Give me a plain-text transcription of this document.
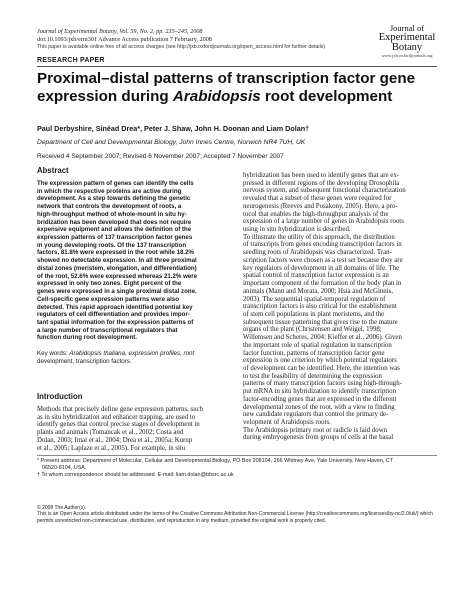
Journal of Experimental Botany, Vol. 59, No. 2, pp. 235–245, 2008
doi:10.1093/jxb/erm301 Advance Access publication 7 February, 2008
This paper is available online free of all access charges (see http://jxb.oxfordjournals.org/open_access.html for further details)
Journal of
Experimental
Botany
www.jxb.oxfordjournals.org
RESEARCH PAPER
Proximal–distal patterns of transcription factor gene expression during Arabidopsis root development
Paul Derbyshire, Sinéad Drea*, Peter J. Shaw, John H. Doonan and Liam Dolan†
Department of Cell and Developmental Biology, John Innes Centre, Norwich NR4 7UH, UK
Received 4 September 2007; Revised 6 November 2007; Accepted 7 November 2007
Abstract
The expression pattern of genes can identify the cells
in which the respective proteins are active during
development. As a step towards defining the genetic
network that controls the development of roots, a
high-throughput method of whole-mount in situ hy-
bridization has been developed that does not require
expensive equipment and allows the definition of the
expression patterns of 137 transcription factor genes
in young developing roots. Of the 137 transcription
factors, 81.8% were expressed in the root while 18.2%
showed no detectable expression. In all three proximal
distal zones (meristem, elongation, and differentiation)
of the root, 52.6% were expressed whereas 21.2% were
expressed in only two zones. Eight percent of the
genes were expressed in a single proximal distal zone.
Cell-specific gene expression patterns were also
detected. This rapid approach identified potential key
regulators of cell differentiation and provides impor-
tant spatial information for the expression patterns of
a large number of transcriptional regulators that
function during root development.
Key words: Arabidopsis thaliana, expression profiles, root
development, transcription factors.
Introduction
Methods that precisely define gene expression patterns, such
as in situ hybridization and enhancer trapping, are used to
identify genes that control precise stages of development in
plants and animals (Tomancak et al., 2002; Costa and
Dolan, 2003; Imai et al., 2004; Drea et al., 2005a; Kurup
et al., 2005; Laplaze et al., 2005). For example, in situ
hybridization has been used to identify genes that are ex-
pressed in different regions of the developing Drosophila
nervous system, and subsequent functional characterization
revealed that a subset of these genes were required for
neurogenesis (Reeves and Posakony, 2005). Here, a pro-
tocol that enables the high-throughput analysis of the
expression of a large number of genes in Arabidopsis roots
using in situ hybridization is described.
To illustrate the utility of this approach, the distribution
of transcripts from genes encoding transcription factors in
seedling roots of Arabidopsis was characterized. Tran-
scription factors were chosen as a test set because they are
key regulators of development in all domains of life. The
spatial control of transcription factor expression is an
important component of the formation of the body plan in
animals (Mann and Morata, 2000; Hsia and McGinnis,
2003). The sequential spatial-temporal regulation of
transcription factors is also critical for the establishment
of stem cell populations in plant meristems, and the
subsequent tissue patterning that gives rise to the mature
organs of the plant (Christensen and Weigel, 1998;
Willemsen and Scheres, 2004; Kieffer et al., 2006). Given
the important role of spatial regulation in transcription
factor function, patterns of transcription factor gene
expression is one criterion by which potential regulators
of development can be identified. Here, the intention was
to test the feasibility of determining the expression
patterns of many transcription factors using high-through-
put mRNA in situ hybridization to identify transcription
factor-encoding genes that are expressed in the different
developmental zones of the root, with a view to finding
new candidate regulators that control the primary de-
velopment of Arabidopsis roots.
The Arabidopsis primary root or radicle is laid down
during embryogenesis from groups of cells at the basal
* Present address: Department of Molecular, Cellular and Developmental Biology, PO Box 208104, 266 Whitney Ave, Yale University, New Haven, CT
06520-8104, USA.
† To whom correspondence should be addressed. E-mail: liam.dolan@bbsrc.ac.uk
© 2008 The Author(s).
This is an Open Access article distributed under the terms of the Creative Commons Attribution Non-Commercial License (http://creativecommons.org/licenses/by-nc/2.0/uk/) which
permits unrestricted non-commercial use, distribution, and reproduction in any medium, provided the original work is properly cited.
